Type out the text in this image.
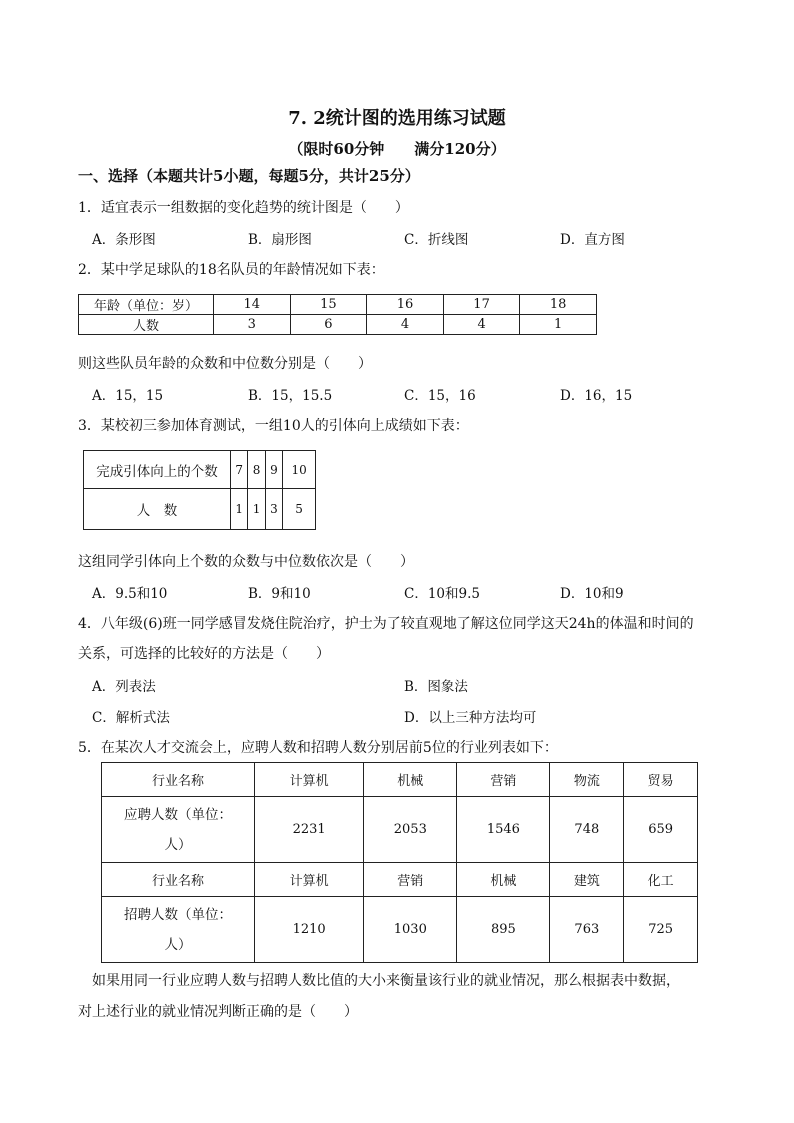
7. 2统计图的选用练习试题
（限时60分钟　　满分120分）
一、选择（本题共计5小题，每题5分，共计25分）
1．适宜表示一组数据的变化趋势的统计图是（　　）
A．条形图	B．扇形图	C．折线图	D．直方图
2．某中学足球队的18名队员的年龄情况如下表：
年龄（单位：岁）	14	15	16	17	18
人数	3	6	4	4	1
则这些队员年龄的众数和中位数分别是（　　）
A．15，15	B．15，15.5	C．15，16	D．16，15
3．某校初三参加体育测试，一组10人的引体向上成绩如下表：
完成引体向上的个数	7	8	9	10
人　数	1	1	3	5
这组同学引体向上个数的众数与中位数依次是（　　）
A．9.5和10	B．9和10	C．10和9.5	D．10和9
4．八年级(6)班一同学感冒发烧住院治疗，护士为了较直观地了解这位同学这天24h的体温和时间的
关系，可选择的比较好的方法是（　　）
A．列表法	B．图象法
C．解析式法	D．以上三种方法均可
5．在某次人才交流会上，应聘人数和招聘人数分别居前5位的行业列表如下：
行业名称	计算机	机械	营销	物流	贸易

应聘人数（单位：
人）	2231	2053	1546	748	659
行业名称	计算机	营销	机械	建筑	化工

招聘人数（单位：
人）	1210	1030	895	763	725
如果用同一行业应聘人数与招聘人数比值的大小来衡量该行业的就业情况，那么根据表中数据，
对上述行业的就业情况判断正确的是（　　）
